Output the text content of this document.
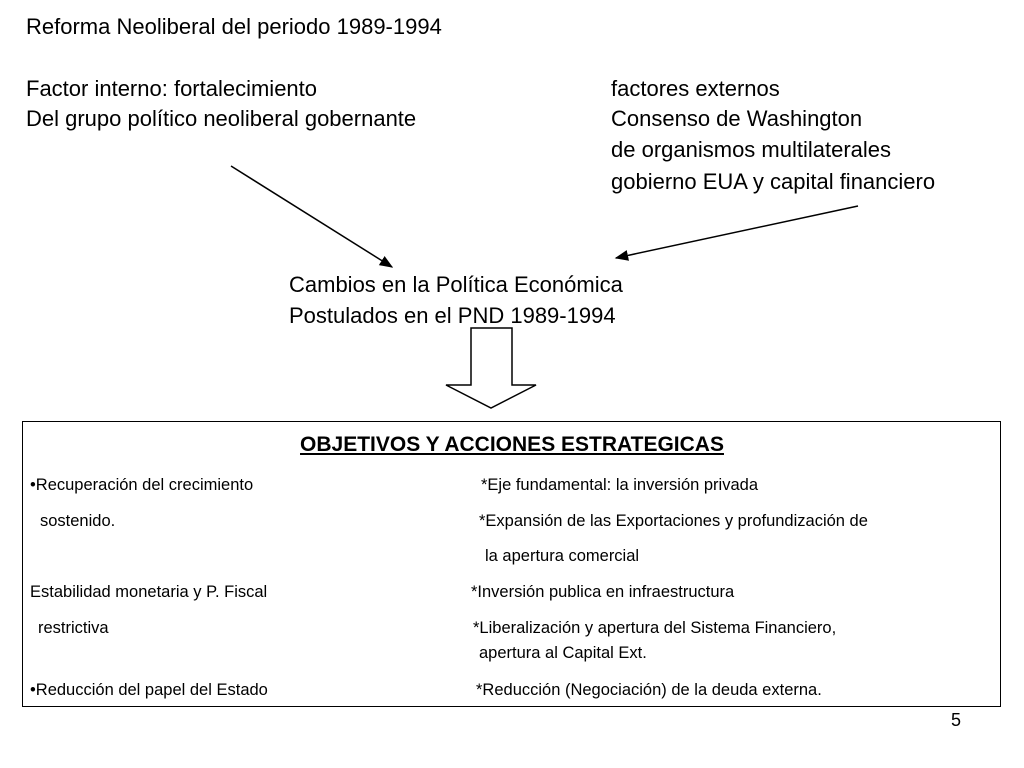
Reforma Neoliberal del periodo 1989-1994
Factor interno: fortalecimiento
Del grupo político neoliberal gobernante
factores externos
Consenso de Washington
de organismos multilaterales
gobierno EUA y capital financiero
Cambios en la Política Económica
Postulados en el PND 1989-1994
OBJETIVOS Y ACCIONES ESTRATEGICAS
•Recuperación del crecimiento
sostenido.
Estabilidad monetaria y P. Fiscal
restrictiva
•Reducción del papel del Estado
*Eje fundamental: la inversión privada
*Expansión de las Exportaciones y profundización de
la apertura comercial
*Inversión publica en infraestructura
*Liberalización y apertura del Sistema Financiero,
apertura al Capital Ext.
*Reducción (Negociación) de la deuda externa.
5
